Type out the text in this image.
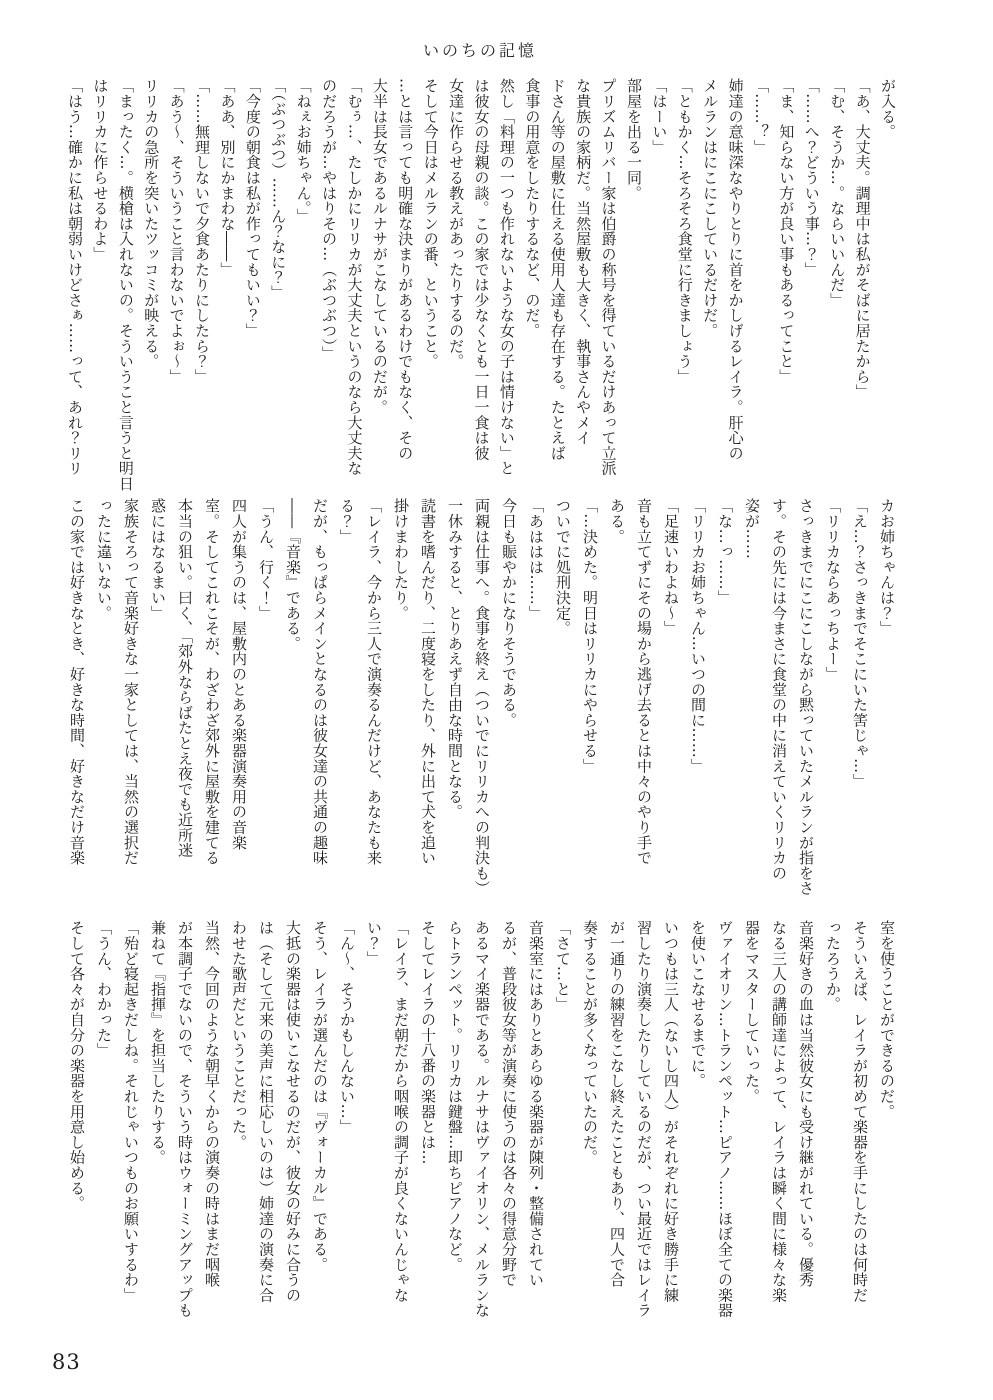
いのちの記憶
が入る。
「あ、大丈夫。調理中は私がそばに居たから」
「む、そうか…。ならいいんだ」
「……へ？どういう事…？」
「ま、知らない方が良い事もあるってこと」
「……？」
姉達の意味深なやりとりに首をかしげるレイラ。肝心の
メルランはにこにこしているだけだ。
「ともかく…そろそろ食堂に行きましょう」
「はーい」
部屋を出る一同。
プリズムリバー家は伯爵の称号を得ているだけあって立派
な貴族の家柄だ。当然屋敷も大きく、執事さんやメイ
ドさん等の屋敷に仕える使用人達も存在する。たとえば
食事の用意をしたりするなど、のだ。
然し「料理の一つも作れないような女の子は情けない」と
は彼女の母親の談。この家では少なくとも一日一食は彼
女達に作らせる教えがあったりするのだ。
そして今日はメルランの番、ということ。
…とは言っても明確な決まりがあるわけでもなく、その
大半は長女であるルナサがこなしているのだが。
「むぅ…、たしかにリリカが大丈夫というのなら大丈夫な
のだろうが…やはりその…（ぶつぶつ）」
「ねぇお姉ちゃん。」
「（ぶつぶつ）……ん？なに？」
「今度の朝食は私が作ってもいい？」
「ああ、別にかまわな――」
「……無理しないで夕食あたりにしたら？」
「あう～、そういうこと言わないでよぉ～」
リリカの急所を突いたツッコミが映える。
「まったく…。横槍は入れないの。そういうこと言うと明日
はリリカに作らせるわよ」
「はう…確かに私は朝弱いけどさぁ……って、あれ？リリ
カお姉ちゃんは？」
「え…？さっきまでそこにいた筈じゃ…」
「リリカならあっちよー」
さっきまでにこにこしながら黙っていたメルランが指をさ
す。その先には今まさに食堂の中に消えていくリリカの
姿が……
「な…っ……」
「リリカお姉ちゃん…いつの間に……」
「足速いわよね～」
音も立てずにその場から逃げ去るとは中々のやり手で
ある。
「…決めた。明日はリリカにやらせる」
ついでに処刑決定。
「あははは……」
今日も賑やかになりそうである。
両親は仕事へ。食事を終え（ついでにリリカへの判決も）
一休みすると、とりあえず自由な時間となる。
読書を嗜んだり、二度寝をしたり、外に出て犬を追い
掛けまわしたり。
「レイラ、今から三人で演奏るんだけど、あなたも来
る？」
だが、もっぱらメインとなるのは彼女達の共通の趣味
――『音楽』である。
「うん、行く！」
四人が集うのは、屋敷内のとある楽器演奏用の音楽
室。そしてこれこそが、わざわざ郊外に屋敷を建てる
本当の狙い。曰く、「郊外ならばたとえ夜でも近所迷
惑にはなるまい」
家族そろって音楽好きな一家としては、当然の選択だ
ったに違いない。
この家では好きなとき、好きな時間、好きなだけ音楽
室を使うことができるのだ。
そういえば、レイラが初めて楽器を手にしたのは何時だ
ったろうか。
音楽好きの血は当然彼女にも受け継がれている。優秀
なる三人の講師達によって、レイラは瞬く間に様々な楽
器をマスターしていった。
ヴァイオリン…トランペット…ピアノ……ほぼ全ての楽器
を使いこなせるまでに。
いつもは三人（ないし四人）がそれぞれに好き勝手に練
習したり演奏したりしているのだが、つい最近ではレイラ
が一通りの練習をこなし終えたこともあり、四人で合
奏することが多くなっていたのだ。
「さて…と」
音楽室にはありとあらゆる楽器が陳列・整備されてい
るが、普段彼女等が演奏に使うのは各々の得意分野で
あるマイ楽器である。ルナサはヴァイオリン、メルランな
らトランペット。リリカは鍵盤…即ちピアノなど。
そしてレイラの十八番の楽器とは…
「レイラ、まだ朝だから咽喉の調子が良くないんじゃな
い？」
「ん～、そうかもしんない…」
そう、レイラが選んだのは『ヴォーカル』である。
大抵の楽器は使いこなせるのだが、彼女の好みに合うの
は（そして元来の美声に相応しいのは）姉達の演奏に合
わせた歌声だということだった。
当然、今回のような朝早くからの演奏の時はまだ咽喉
が本調子でないので、そういう時はウォーミングアップも
兼ねて『指揮』を担当したりする。
「殆ど寝起きだしね。それじゃいつものお願いするわ」
「うん、わかった」
そして各々が自分の楽器を用意し始める。
83
